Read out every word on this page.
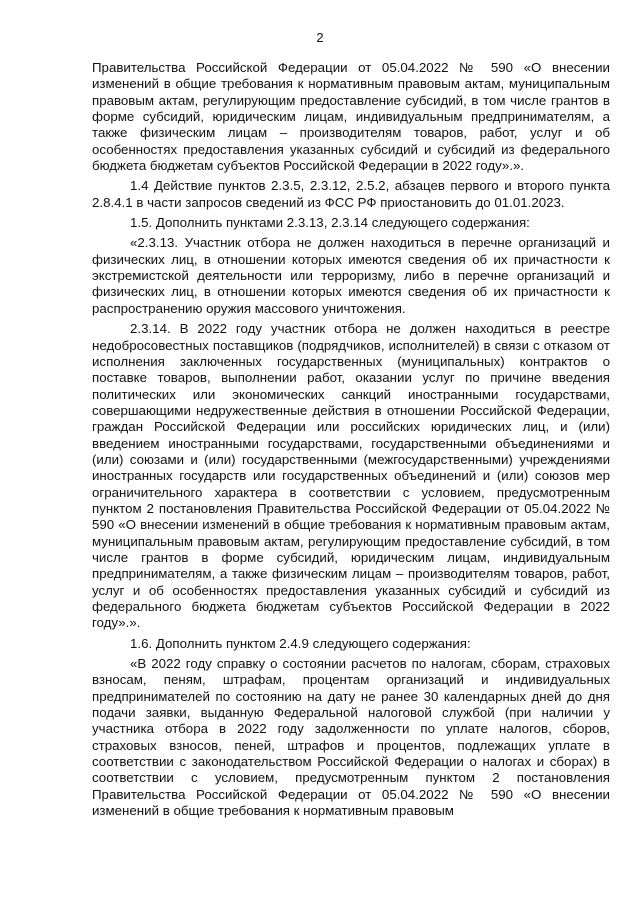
2

Правительства Российской Федерации от 05.04.2022 № 590 «О внесении изменений в общие требования к нормативным правовым актам, муниципальным правовым актам, регулирующим предоставление субсидий, в том числе грантов в форме субсидий, юридическим лицам, индивидуальным предпринимателям, а также физическим лицам – производителям товаров, работ, услуг и об особенностях предоставления указанных субсидий и субсидий из федерального бюджета бюджетам субъектов Российской Федерации в 2022 году».».

1.4 Действие пунктов 2.3.5, 2.3.12, 2.5.2, абзацев первого и второго пункта 2.8.4.1 в части запросов сведений из ФСС РФ приостановить до 01.01.2023.

1.5. Дополнить пунктами 2.3.13, 2.3.14 следующего содержания:

«2.3.13. Участник отбора не должен находиться в перечне организаций и физических лиц, в отношении которых имеются сведения об их причастности к экстремистской деятельности или терроризму, либо в перечне организаций и физических лиц, в отношении которых имеются сведения об их причастности к распространению оружия массового уничтожения.

2.3.14. В 2022 году участник отбора не должен находиться в реестре недобросовестных поставщиков (подрядчиков, исполнителей) в связи с отказом от исполнения заключенных государственных (муниципальных) контрактов о поставке товаров, выполнении работ, оказании услуг по причине введения политических или экономических санкций иностранными государствами, совершающими недружественные действия в отношении Российской Федерации, граждан Российской Федерации или российских юридических лиц, и (или) введением иностранными государствами, государственными объединениями и (или) союзами и (или) государственными (межгосударственными) учреждениями иностранных государств или государственных объединений и (или) союзов мер ограничительного характера в соответствии с условием, предусмотренным пунктом 2 постановления Правительства Российской Федерации от 05.04.2022 № 590 «О внесении изменений в общие требования к нормативным правовым актам, муниципальным правовым актам, регулирующим предоставление субсидий, в том числе грантов в форме субсидий, юридическим лицам, индивидуальным предпринимателям, а также физическим лицам – производителям товаров, работ, услуг и об особенностях предоставления указанных субсидий и субсидий из федерального бюджета бюджетам субъектов Российской Федерации в 2022 году».».

1.6. Дополнить пунктом 2.4.9 следующего содержания:

«В 2022 году справку о состоянии расчетов по налогам, сборам, страховых взносам, пеням, штрафам, процентам организаций и индивидуальных предпринимателей по состоянию на дату не ранее 30 календарных дней до дня подачи заявки, выданную Федеральной налоговой службой (при наличии у участника отбора в 2022 году задолженности по уплате налогов, сборов, страховых взносов, пеней, штрафов и процентов, подлежащих уплате в соответствии с законодательством Российской Федерации о налогах и сборах) в соответствии с условием, предусмотренным пунктом 2 постановления Правительства Российской Федерации от 05.04.2022 № 590 «О внесении изменений в общие требования к нормативным правовым
